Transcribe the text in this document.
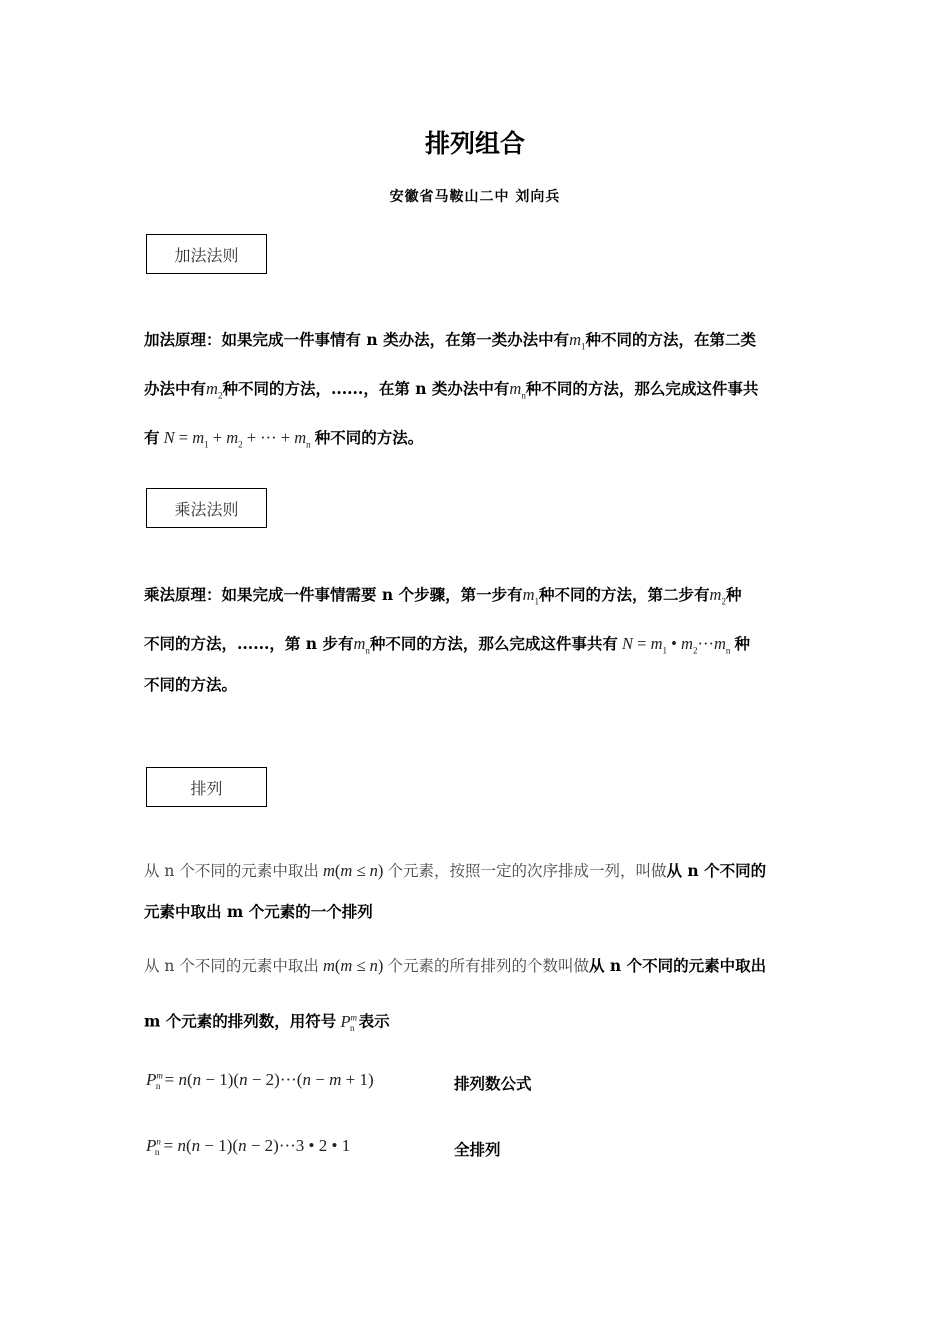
排列组合
安徽省马鞍山二中 刘向兵
加法法则
加法原理：如果完成一件事情有 n 类办法，在第一类办法中有$m_1$种不同的方法，在第二类
办法中有$m_2$种不同的方法，......，在第 n 类办法中有$m_n$种不同的方法，那么完成这件事共
有 $N = m_1 + m_2$ + ··· + $m_n$ 种不同的方法。
乘法法则
乘法原理：如果完成一件事情需要 n 个步骤，第一步有$m_1$种不同的方法，第二步有$m_2$种
不同的方法，......，第 n 步有$m_n$种不同的方法，那么完成这件事共有 $N = m_1$ • $m_2\cdot\cdot\cdot m_n$ 种
不同的方法。
排列
从 n 个不同的元素中取出 m(m ≤ n) 个元素，按照一定的次序排成一列，叫做从 n 个不同的
元素中取出 m 个元素的一个排列
从 n 个不同的元素中取出 m(m ≤ n) 个元素的所有排列的个数叫做从 n 个不同的元素中取出
m 个元素的排列数，用符号 $P^m_n$ 表示
$P^m_n = n(n - 1)(n - 2)\cdot\cdot\cdot(n - m + 1)$	排列数公式
$P^n_n = n(n - 1)(n - 2)\cdot\cdot\cdot 3$ • 2 • 1	全排列
